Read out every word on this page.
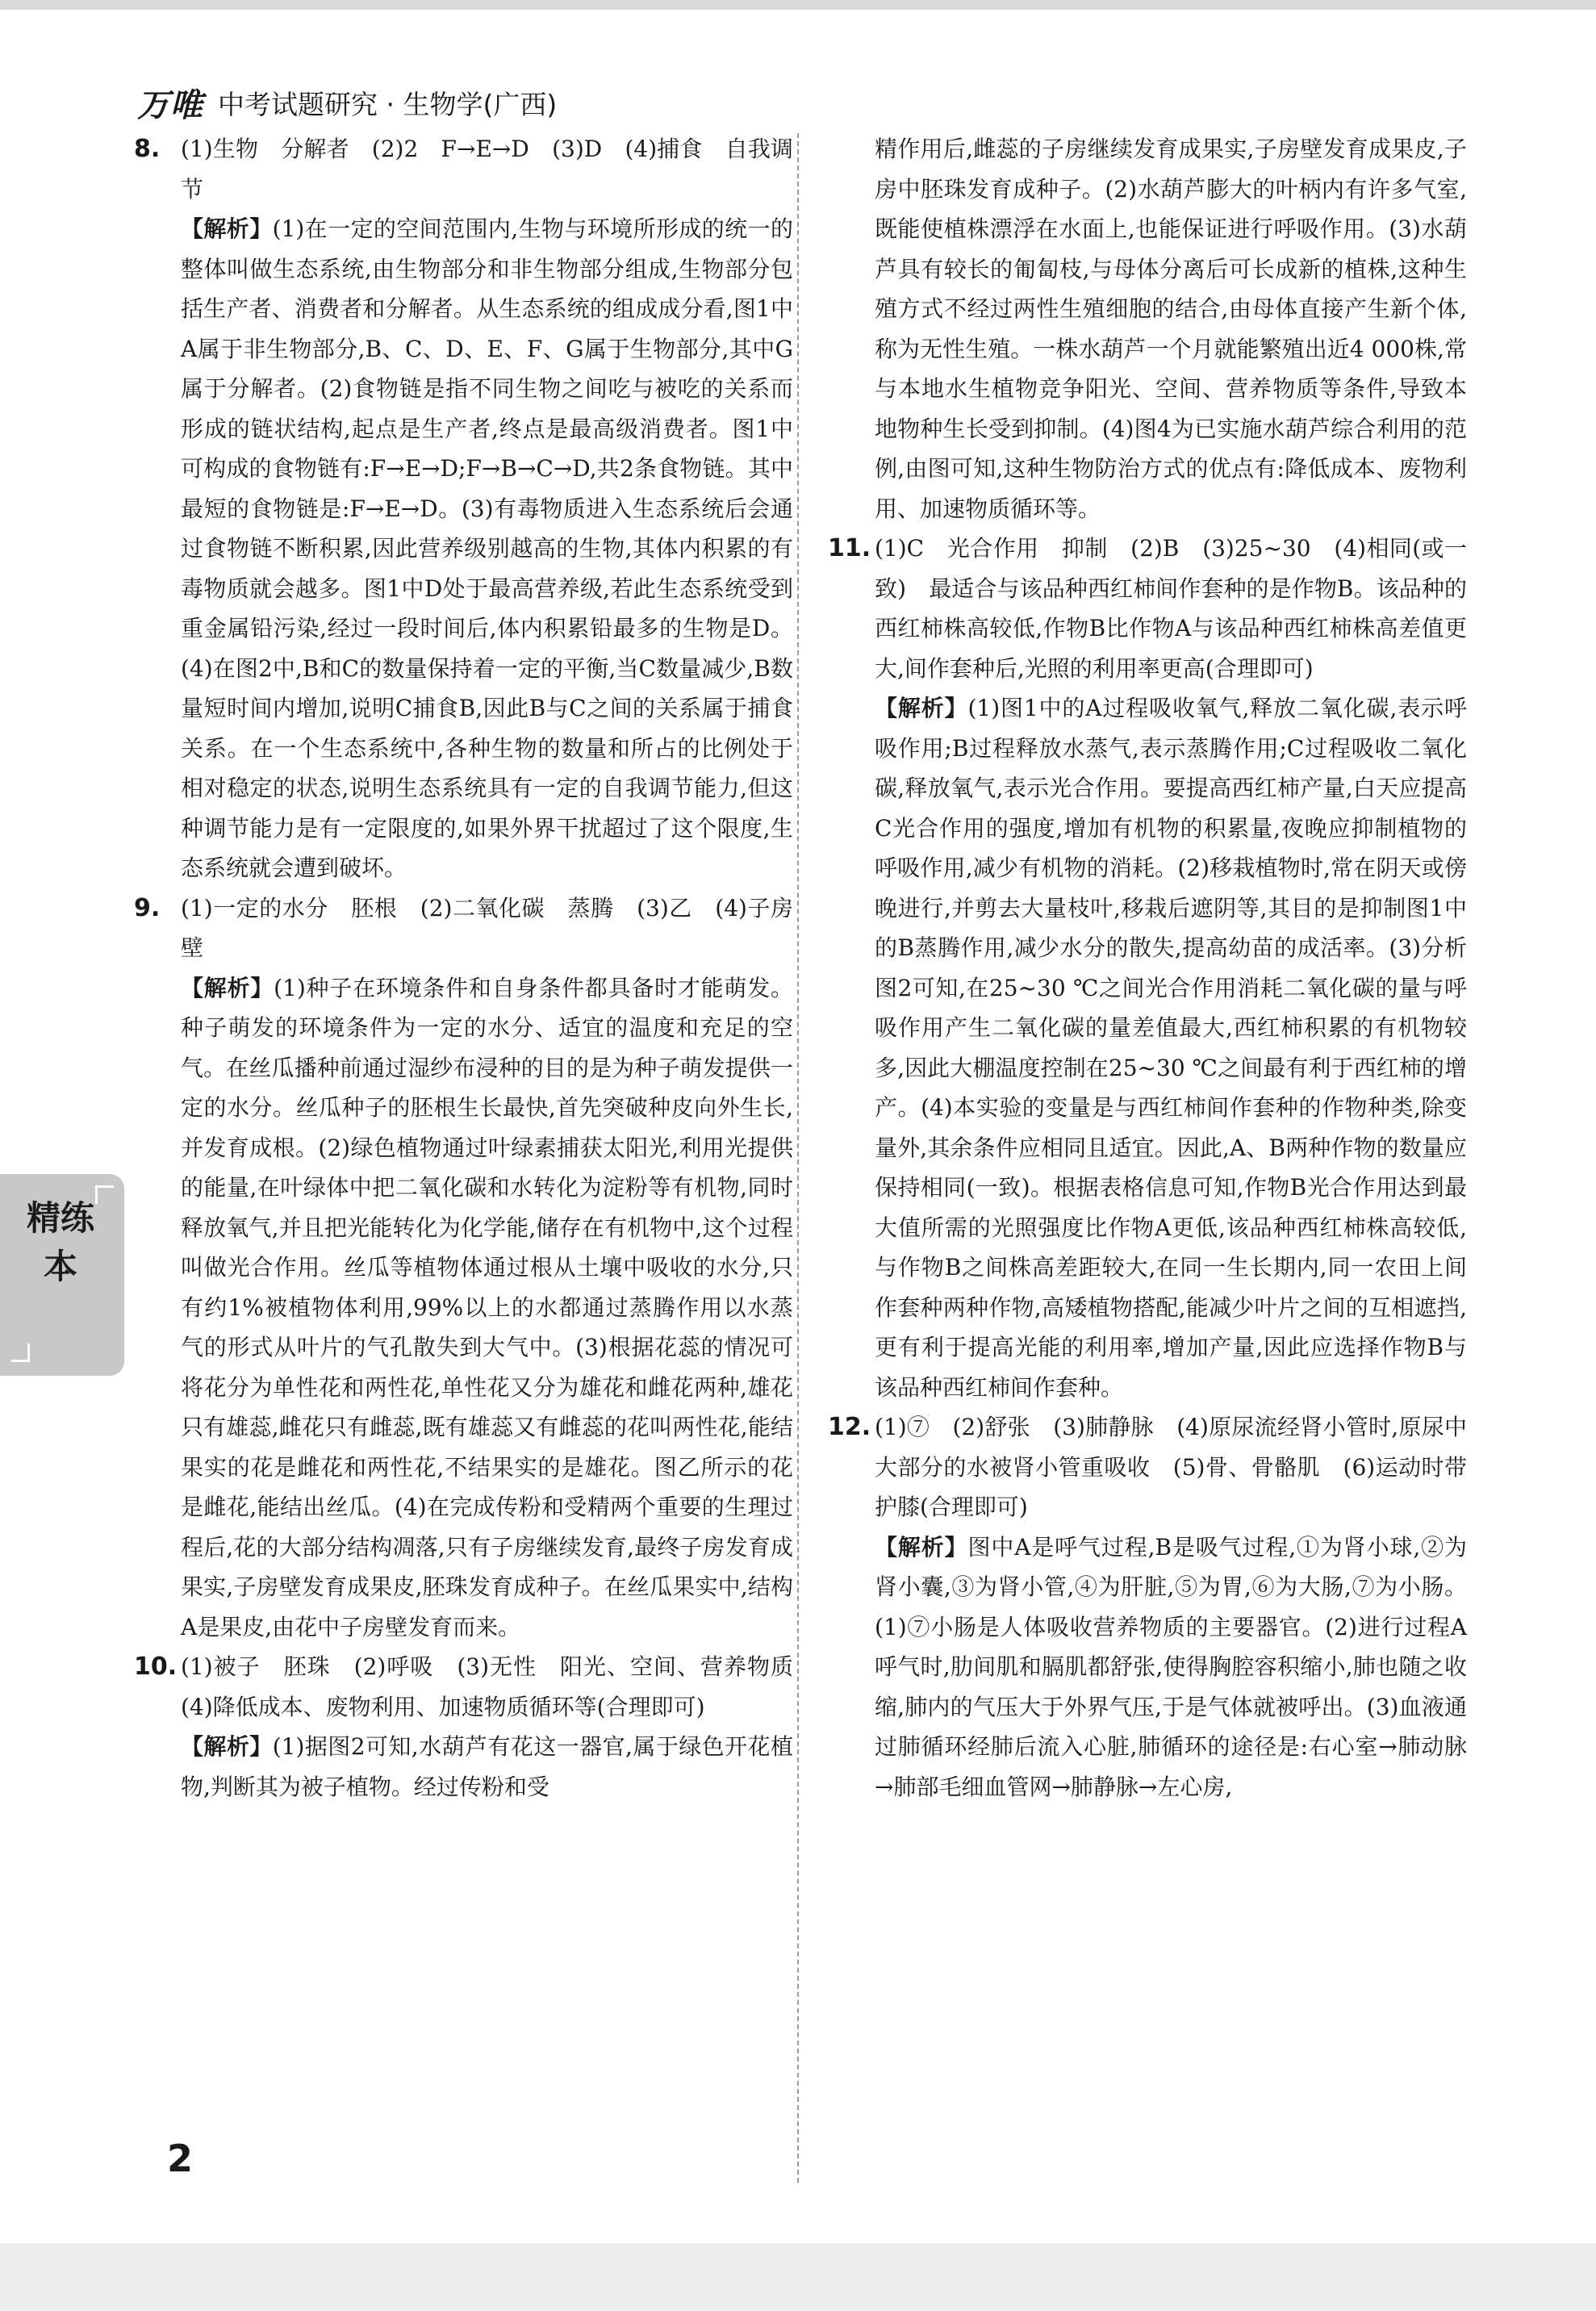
万唯 中考试题研究 · 生物学(广西)
8. (1)生物　分解者　(2)2　F→E→D　(3)D　(4)捕食　自我调节

【解析】(1)在一定的空间范围内,生物与环境所形成的统一的整体叫做生态系统,由生物部分和非生物部分组成,生物部分包括生产者、消费者和分解者。从生态系统的组成成分看,图1中A属于非生物部分,B、C、D、E、F、G属于生物部分,其中G属于分解者。(2)食物链是指不同生物之间吃与被吃的关系而形成的链状结构,起点是生产者,终点是最高级消费者。图1中可构成的食物链有:F→E→D;F→B→C→D,共2条食物链。其中最短的食物链是:F→E→D。(3)有毒物质进入生态系统后会通过食物链不断积累,因此营养级别越高的生物,其体内积累的有毒物质就会越多。图1中D处于最高营养级,若此生态系统受到重金属铅污染,经过一段时间后,体内积累铅最多的生物是D。(4)在图2中,B和C的数量保持着一定的平衡,当C数量减少,B数量短时间内增加,说明C捕食B,因此B与C之间的关系属于捕食关系。在一个生态系统中,各种生物的数量和所占的比例处于相对稳定的状态,说明生态系统具有一定的自我调节能力,但这种调节能力是有一定限度的,如果外界干扰超过了这个限度,生态系统就会遭到破坏。

9. (1)一定的水分　胚根　(2)二氧化碳　蒸腾　(3)乙　(4)子房壁

【解析】(1)种子在环境条件和自身条件都具备时才能萌发。种子萌发的环境条件为一定的水分、适宜的温度和充足的空气。在丝瓜播种前通过湿纱布浸种的目的是为种子萌发提供一定的水分。丝瓜种子的胚根生长最快,首先突破种皮向外生长,并发育成根。(2)绿色植物通过叶绿素捕获太阳光,利用光提供的能量,在叶绿体中把二氧化碳和水转化为淀粉等有机物,同时释放氧气,并且把光能转化为化学能,储存在有机物中,这个过程叫做光合作用。丝瓜等植物体通过根从土壤中吸收的水分,只有约1%被植物体利用,99%以上的水都通过蒸腾作用以水蒸气的形式从叶片的气孔散失到大气中。(3)根据花蕊的情况可将花分为单性花和两性花,单性花又分为雄花和雌花两种,雄花只有雄蕊,雌花只有雌蕊,既有雄蕊又有雌蕊的花叫两性花,能结果实的花是雌花和两性花,不结果实的是雄花。图乙所示的花是雌花,能结出丝瓜。(4)在完成传粉和受精两个重要的生理过程后,花的大部分结构凋落,只有子房继续发育,最终子房发育成果实,子房壁发育成果皮,胚珠发育成种子。在丝瓜果实中,结构A是果皮,由花中子房壁发育而来。

10. (1)被子　胚珠　(2)呼吸　(3)无性　阳光、空间、营养物质　(4)降低成本、废物利用、加速物质循环等(合理即可)

【解析】(1)据图2可知,水葫芦有花这一器官,属于绿色开花植物,判断其为被子植物。经过传粉和受

精作用后,雌蕊的子房继续发育成果实,子房壁发育成果皮,子房中胚珠发育成种子。(2)水葫芦膨大的叶柄内有许多气室,既能使植株漂浮在水面上,也能保证进行呼吸作用。(3)水葫芦具有较长的匍匐枝,与母体分离后可长成新的植株,这种生殖方式不经过两性生殖细胞的结合,由母体直接产生新个体,称为无性生殖。一株水葫芦一个月就能繁殖出近4 000株,常与本地水生植物竞争阳光、空间、营养物质等条件,导致本地物种生长受到抑制。(4)图4为已实施水葫芦综合利用的范例,由图可知,这种生物防治方式的优点有:降低成本、废物利用、加速物质循环等。

11. (1)C　光合作用　抑制　(2)B　(3)25~30　(4)相同(或一致)　最适合与该品种西红柿间作套种的是作物B。该品种的西红柿株高较低,作物B比作物A与该品种西红柿株高差值更大,间作套种后,光照的利用率更高(合理即可)

【解析】(1)图1中的A过程吸收氧气,释放二氧化碳,表示呼吸作用;B过程释放水蒸气,表示蒸腾作用;C过程吸收二氧化碳,释放氧气,表示光合作用。要提高西红柿产量,白天应提高C光合作用的强度,增加有机物的积累量,夜晚应抑制植物的呼吸作用,减少有机物的消耗。(2)移栽植物时,常在阴天或傍晚进行,并剪去大量枝叶,移栽后遮阴等,其目的是抑制图1中的B蒸腾作用,减少水分的散失,提高幼苗的成活率。(3)分析图2可知,在25~30 ℃之间光合作用消耗二氧化碳的量与呼吸作用产生二氧化碳的量差值最大,西红柿积累的有机物较多,因此大棚温度控制在25~30 ℃之间最有利于西红柿的增产。(4)本实验的变量是与西红柿间作套种的作物种类,除变量外,其余条件应相同且适宜。因此,A、B两种作物的数量应保持相同(一致)。根据表格信息可知,作物B光合作用达到最大值所需的光照强度比作物A更低,该品种西红柿株高较低,与作物B之间株高差距较大,在同一生长期内,同一农田上间作套种两种作物,高矮植物搭配,能减少叶片之间的互相遮挡,更有利于提高光能的利用率,增加产量,因此应选择作物B与该品种西红柿间作套种。

12. (1)⑦　(2)舒张　(3)肺静脉　(4)原尿流经肾小管时,原尿中大部分的水被肾小管重吸收　(5)骨、骨骼肌　(6)运动时带护膝(合理即可)

【解析】图中A是呼气过程,B是吸气过程,①为肾小球,②为肾小囊,③为肾小管,④为肝脏,⑤为胃,⑥为大肠,⑦为小肠。(1)⑦小肠是人体吸收营养物质的主要器官。(2)进行过程A呼气时,肋间肌和膈肌都舒张,使得胸腔容积缩小,肺也随之收缩,肺内的气压大于外界气压,于是气体就被呼出。(3)血液通过肺循环经肺后流入心脏,肺循环的途径是:右心室→肺动脉→肺部毛细血管网→肺静脉→左心房,

精练本
2
